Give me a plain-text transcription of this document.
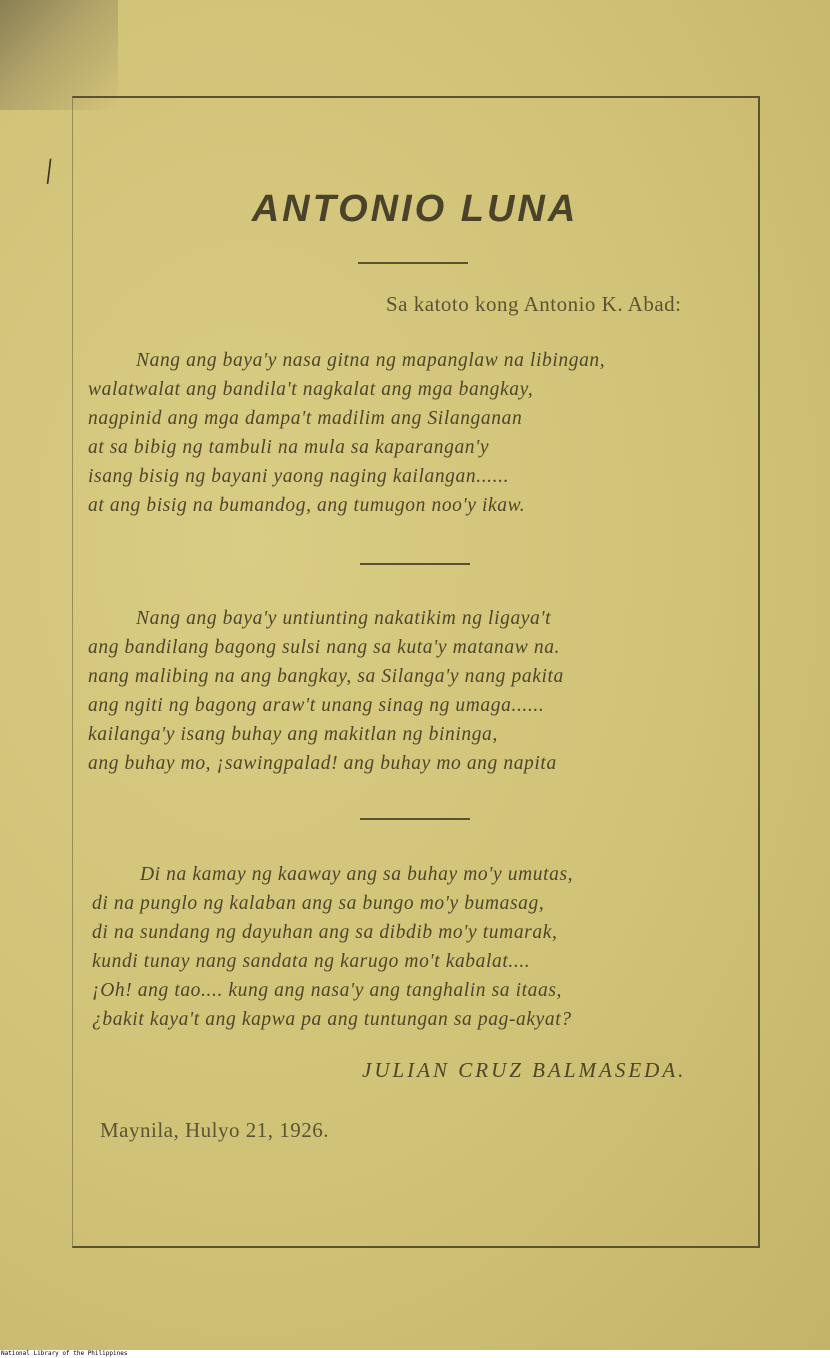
/
ANTONIO LUNA
Sa katoto kong Antonio K. Abad:
Nang ang baya'y nasa gitna ng mapanglaw na libingan,
walatwalat ang bandila't nagkalat ang mga bangkay,
nagpinid ang mga dampa't madilim ang Silanganan
at sa bibig ng tambuli na mula sa kaparangan'y
isang bisig ng bayani yaong naging kailangan......
at ang bisig na bumandog, ang tumugon noo'y ikaw.
Nang ang baya'y untiunting nakatikim ng ligaya't
ang bandilang bagong sulsi nang sa kuta'y matanaw na.
nang malibing na ang bangkay, sa Silanga'y nang pakita
ang ngiti ng bagong araw't unang sinag ng umaga......
kailanga'y isang buhay ang makitlan ng bininga,
ang buhay mo, ¡sawingpalad! ang buhay mo ang napita
Di na kamay ng kaaway ang sa buhay mo'y umutas,
di na punglo ng kalaban ang sa bungo mo'y bumasag,
di na sundang ng dayuhan ang sa dibdib mo'y tumarak,
kundi tunay nang sandata ng karugo mo't kabalat....
¡Oh! ang tao.... kung ang nasa'y ang tanghalin sa itaas,
¿bakit kaya't ang kapwa pa ang tuntungan sa pag-akyat?
JULIAN CRUZ BALMASEDA.
Maynila, Hulyo 21, 1926.
National Library of the Philippines
